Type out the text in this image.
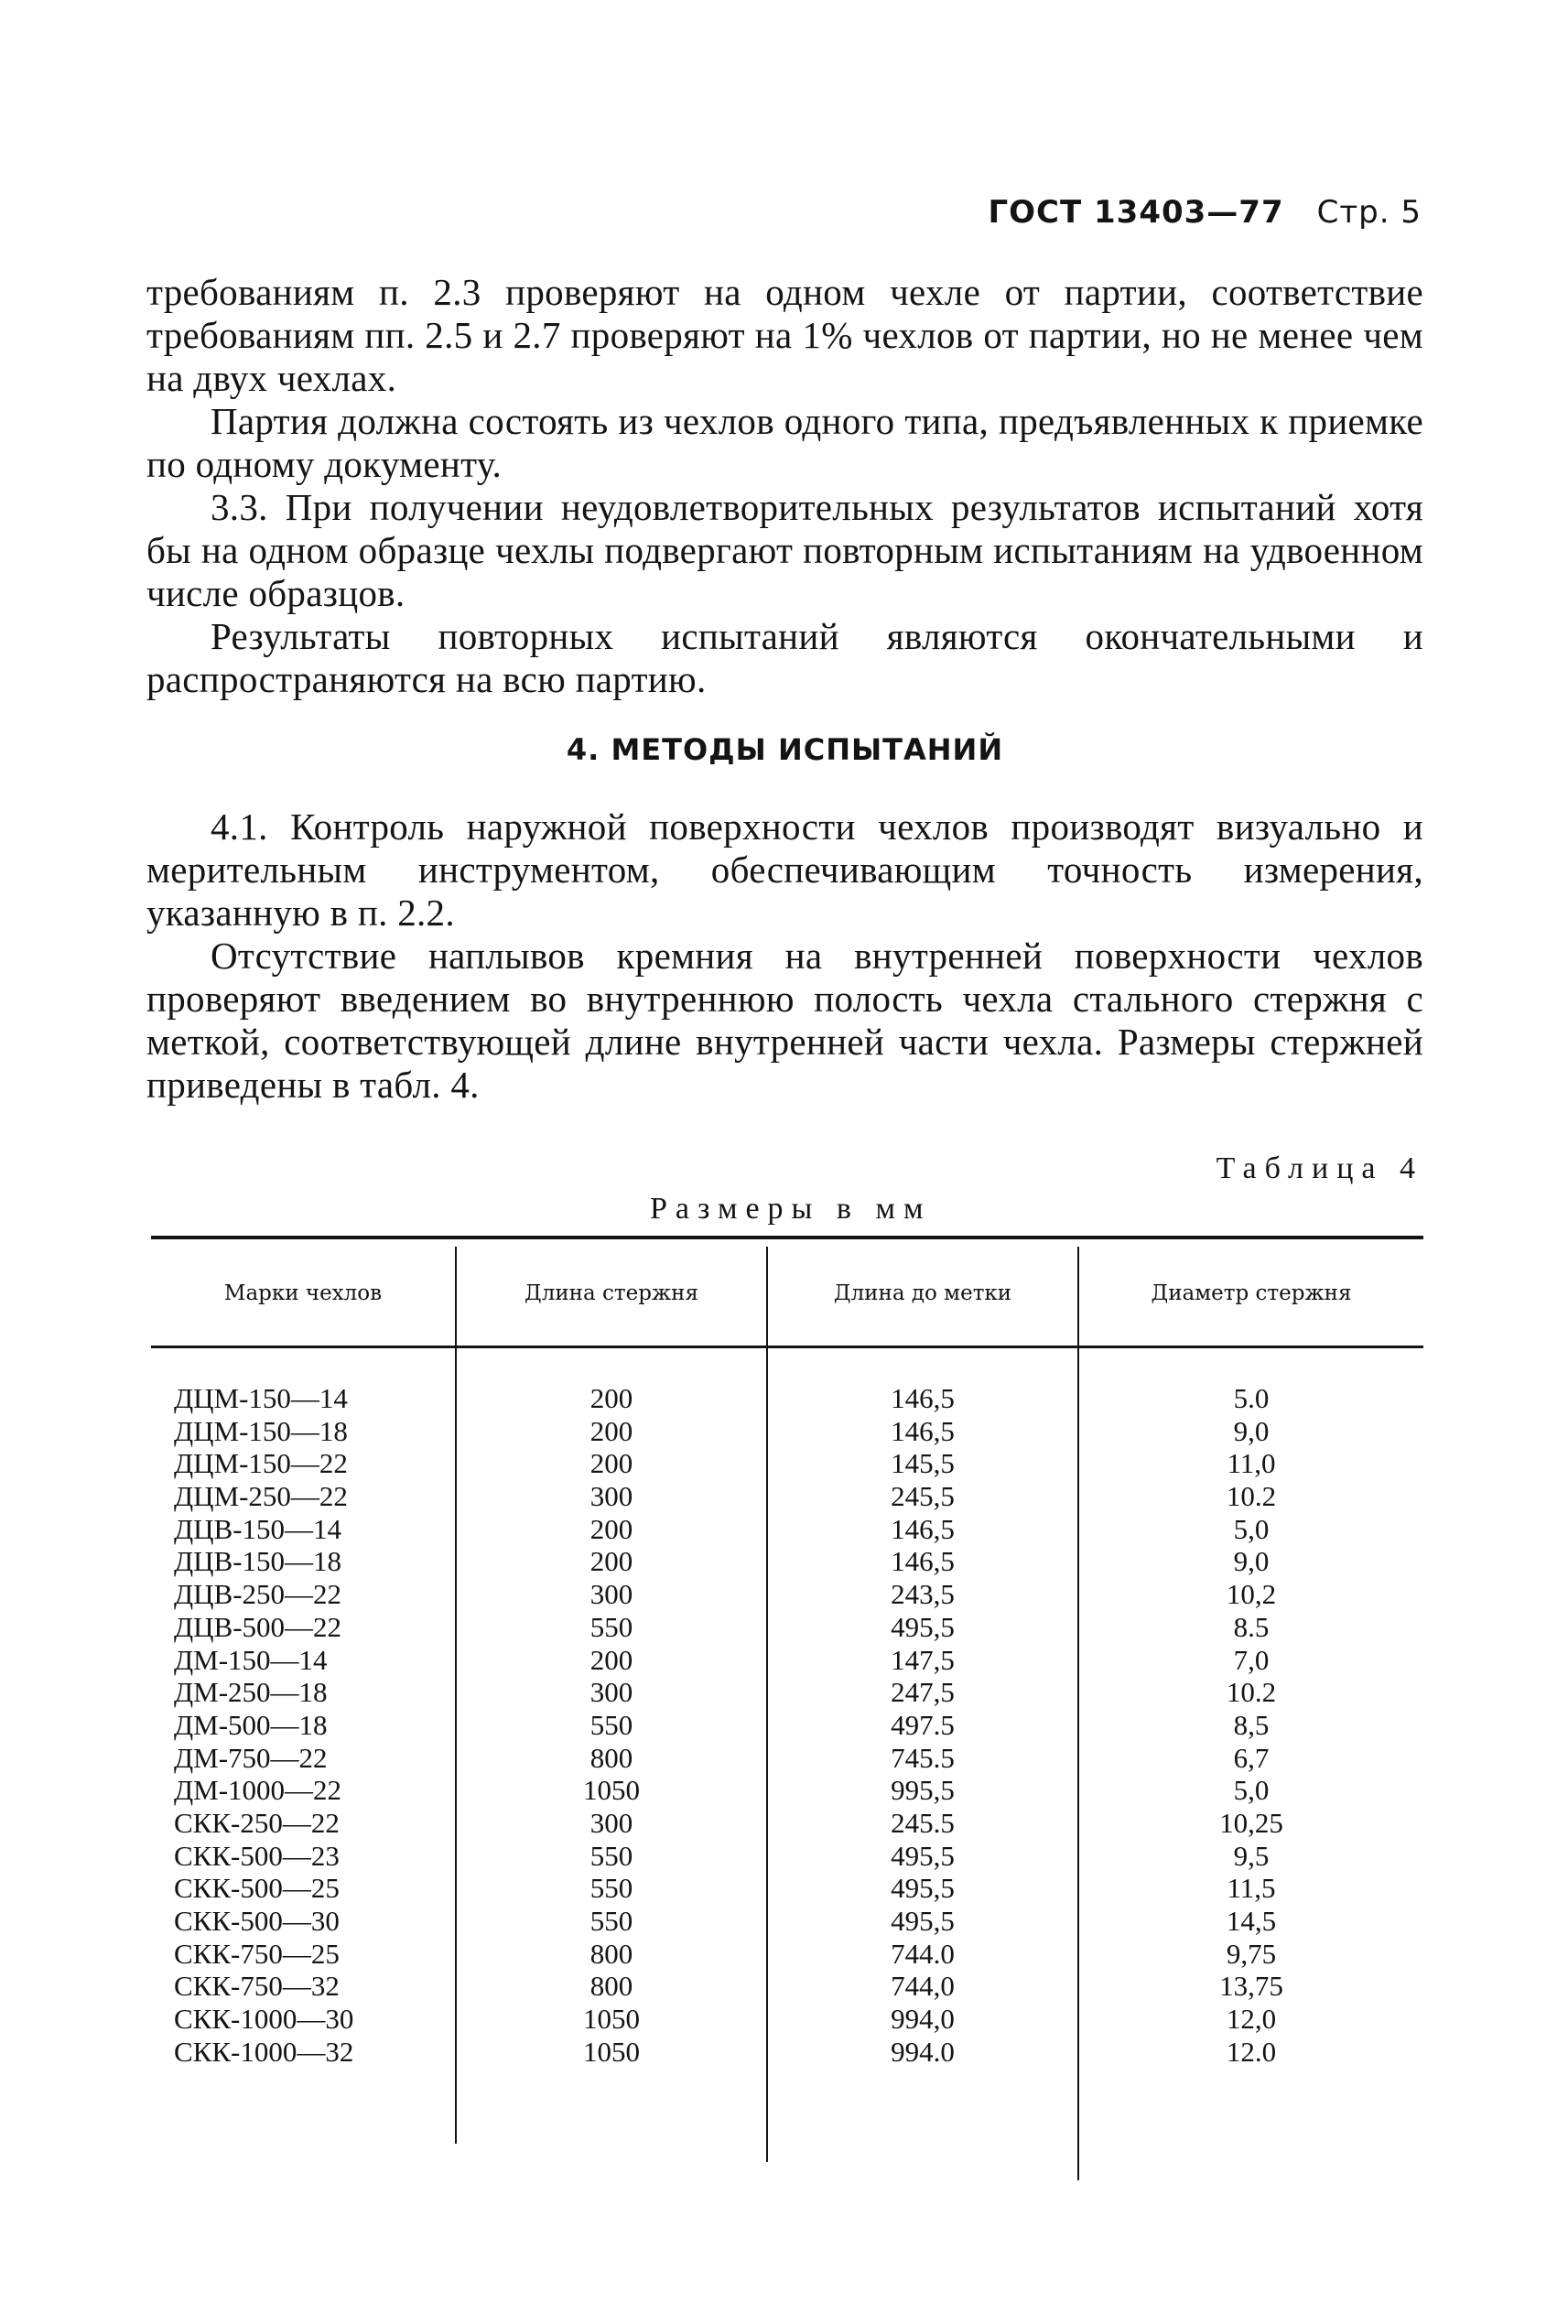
ГОСТ 13403—77 Стр. 5

требованиям п. 2.3 проверяют на одном чехле от партии, соответствие требованиям пп. 2.5 и 2.7 проверяют на 1% чехлов от партии, но не менее чем на двух чехлах.

Партия должна состоять из чехлов одного типа, предъявленных к приемке по одному документу.

3.3. При получении неудовлетворительных результатов испытаний хотя бы на одном образце чехлы подвергают повторным испытаниям на удвоенном числе образцов.

Результаты повторных испытаний являются окончательными и распространяются на всю партию.

4. МЕТОДЫ ИСПЫТАНИЙ

4.1. Контроль наружной поверхности чехлов производят визуально и мерительным инструментом, обеспечивающим точность измерения, указанную в п. 2.2.

Отсутствие наплывов кремния на внутренней поверхности чехлов проверяют введением во внутреннюю полость чехла стального стержня с меткой, соответствующей длине внутренней части чехла. Размеры стержней приведены в табл. 4.

Таблица 4
Размеры в мм
Марки чехлов	Длина стержня	Длина до метки	Диаметр стержня
ДЦМ-150—14	200	146,5	5.0
ДЦМ-150—18	200	146,5	9,0
ДЦМ-150—22	200	145,5	11,0
ДЦМ-250—22	300	245,5	10.2
ДЦВ-150—14	200	146,5	5,0
ДЦВ-150—18	200	146,5	9,0
ДЦВ-250—22	300	243,5	10,2
ДЦВ-500—22	550	495,5	8.5
ДМ-150—14	200	147,5	7,0
ДМ-250—18	300	247,5	10.2
ДМ-500—18	550	497.5	8,5
ДМ-750—22	800	745.5	6,7
ДМ-1000—22	1050	995,5	5,0
СКК-250—22	300	245.5	10,25
СКК-500—23	550	495,5	9,5
СКК-500—25	550	495,5	11,5
СКК-500—30	550	495,5	14,5
СКК-750—25	800	744.0	9,75
СКК-750—32	800	744,0	13,75
СКК-1000—30	1050	994,0	12,0
СКК-1000—32	1050	994.0	12.0
